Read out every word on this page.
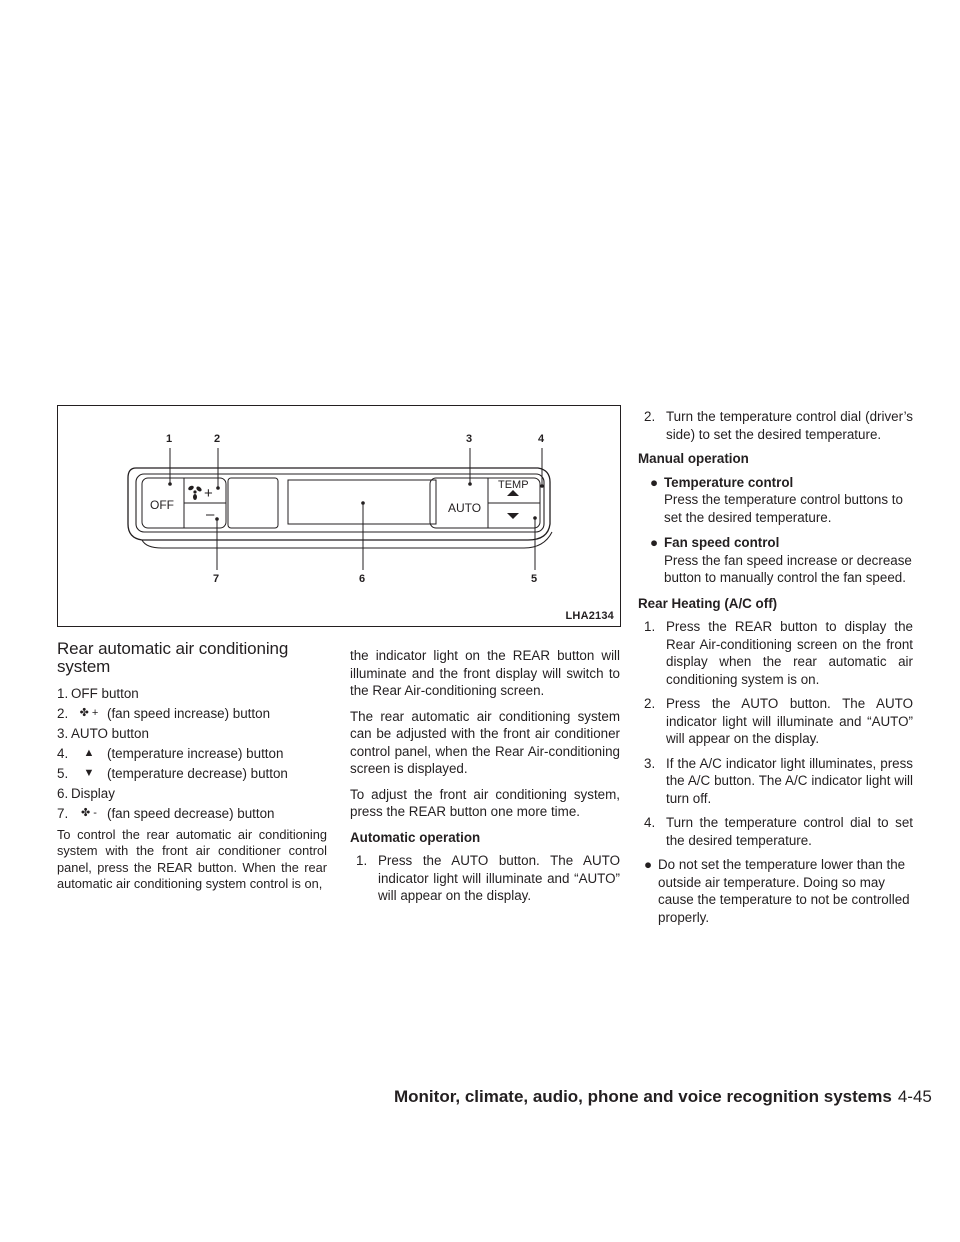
OFF
+
–	AUTO
TEMP
1	2	3	4
5
6
7
LHA2134
Rear automatic air conditioning system
1. OFF button
2.	✤ + (fan speed increase) button
3. AUTO button
4.	▲ (temperature increase) button
5.	▼ (temperature decrease) button
6. Display
7.	✤ - (fan speed decrease) button

To control the rear automatic air conditioning system with the front air conditioner control panel, press the REAR button. When the rear automatic air conditioning system control is on,

the indicator light on the REAR button will illuminate and the front display will switch to the Rear Air-conditioning screen.

The rear automatic air conditioning system can be adjusted with the front air conditioner control panel, when the Rear Air-conditioning screen is displayed.

To adjust the front air conditioning system, press the REAR button one more time.

Automatic operation
1. Press the AUTO button. The AUTO indicator light will illuminate and “AUTO” will appear on the display.
2. Turn the temperature control dial (driver’s side) to set the desired temperature.
Manual operation
● Temperature control
Press the temperature control buttons to set the desired temperature.
● Fan speed control
Press the fan speed increase or decrease button to manually control the fan speed.
Rear Heating (A/C off)
1. Press the REAR button to display the Rear Air-conditioning screen on the front display when the rear automatic air conditioning system is on.
2. Press the AUTO button. The AUTO indicator light will illuminate and “AUTO” will appear on the display.
3. If the A/C indicator light illuminates, press the A/C button. The A/C indicator light will turn off.
4. Turn the temperature control dial to set the desired temperature.
● Do not set the temperature lower than the outside air temperature. Doing so may cause the temperature to not be controlled properly.
Monitor, climate, audio, phone and voice recognition systems 4-45
